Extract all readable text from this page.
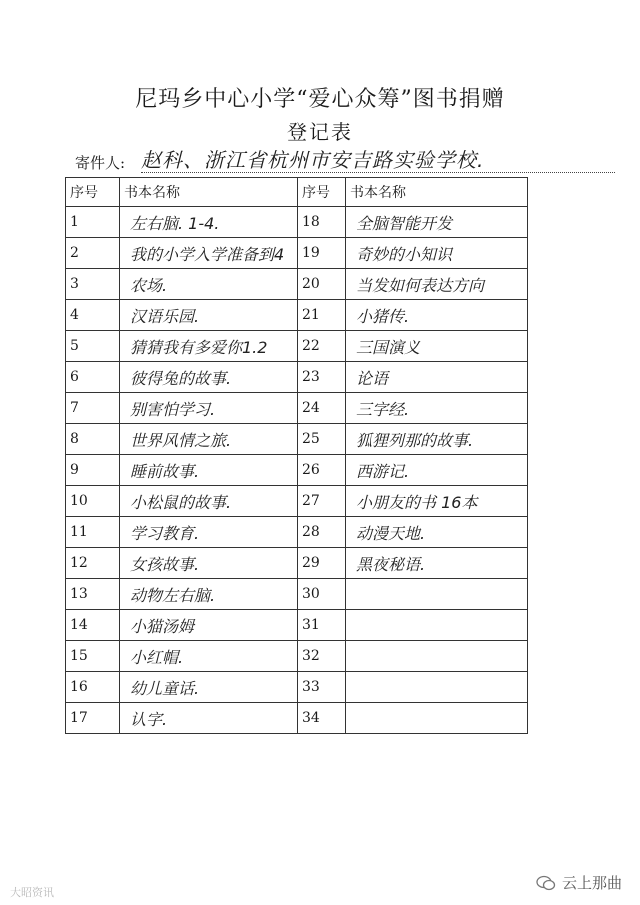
尼玛乡中心小学“爱心众筹”图书捐赠
登记表
寄件人: 赵科、浙江省杭州市安吉路实验学校.
序号	书本名称	序号	书本名称
1	左右脑. 1-4.	18	全脑智能开发
2	我的小学入学准备到4	19	奇妙的小知识
3	农场.	20	当发如何表达方向
4	汉语乐园.	21	小猪传.
5	猜猜我有多爱你1.2	22	三国演义
6	彼得兔的故事.	23	论语
7	别害怕学习.	24	三字经.
8	世界风情之旅.	25	狐狸列那的故事.
9	睡前故事.	26	西游记.
10	小松鼠的故事.	27	小朋友的书 16本
11	学习教育.	28	动漫天地.
12	女孩故事.	29	黑夜秘语.
13	动物左右脑.	30	
14	小猫汤姆	31	
15	小红帽.	32	
16	幼儿童话.	33	
17	认字.	34	
大昭资讯
云上那曲
